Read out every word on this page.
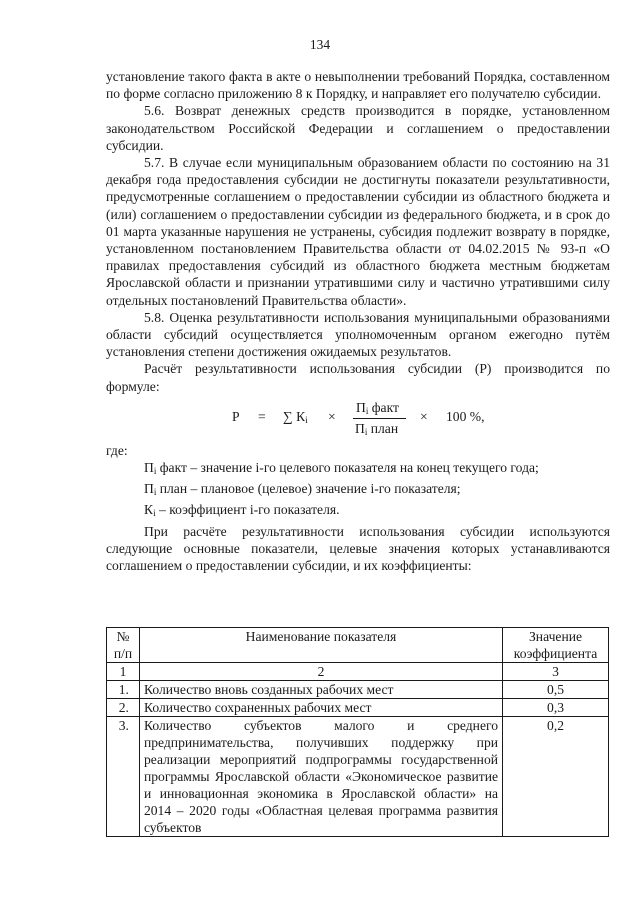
134

установление такого факта в акте о невыполнении требований Порядка, составленном по форме согласно приложению 8 к Порядку, и направляет его получателю субсидии.

5.6. Возврат денежных средств производится в порядке, установленном законодательством Российской Федерации и соглашением о предоставлении субсидии.

5.7. В случае если муниципальным образованием области по состоянию на 31 декабря года предоставления субсидии не достигнуты показатели результативности, предусмотренные соглашением о предоставлении субсидии из областного бюджета и (или) соглашением о предоставлении субсидии из федерального бюджета, и в срок до 01 марта указанные нарушения не устранены, субсидия подлежит возврату в порядке, установленном постановлением Правительства области от 04.02.2015 № 93-п «О правилах предоставления субсидий из областного бюджета местным бюджетам Ярославской области и признании утратившими силу и частично утратившими силу отдельных постановлений Правительства области».

5.8. Оценка результативности использования муниципальными образованиями области субсидий осуществляется уполномоченным органом ежегодно путём установления степени достижения ожидаемых результатов.

Расчёт результативности использования субсидии (Р) производится по формуле:

Р = ∑ $К_i$ ×
$П_i$ факт
$П_i$ план
× 100 %,

где:

$П_i$ факт – значение i-го целевого показателя на конец текущего года;

$П_i$ план – плановое (целевое) значение i-го показателя;

$К_i$ – коэффициент i-го показателя.

При расчёте результативности использования субсидии используются следующие основные показатели, целевые значения которых устанавливаются соглашением о предоставлении субсидии, и их коэффициенты:

№ п/п	Наименование показателя	Значение коэффициента
1	2	3
1.	Количество вновь созданных рабочих мест	0,5
2.	Количество сохраненных рабочих мест	0,3
3.	Количество субъектов малого и среднего предпринимательства, получивших поддержку при реализации мероприятий подпрограммы государственной программы Ярославской области «Экономическое развитие и инновационная экономика в Ярославской области» на 2014 – 2020 годы «Областная целевая программа развития субъектов	0,2
